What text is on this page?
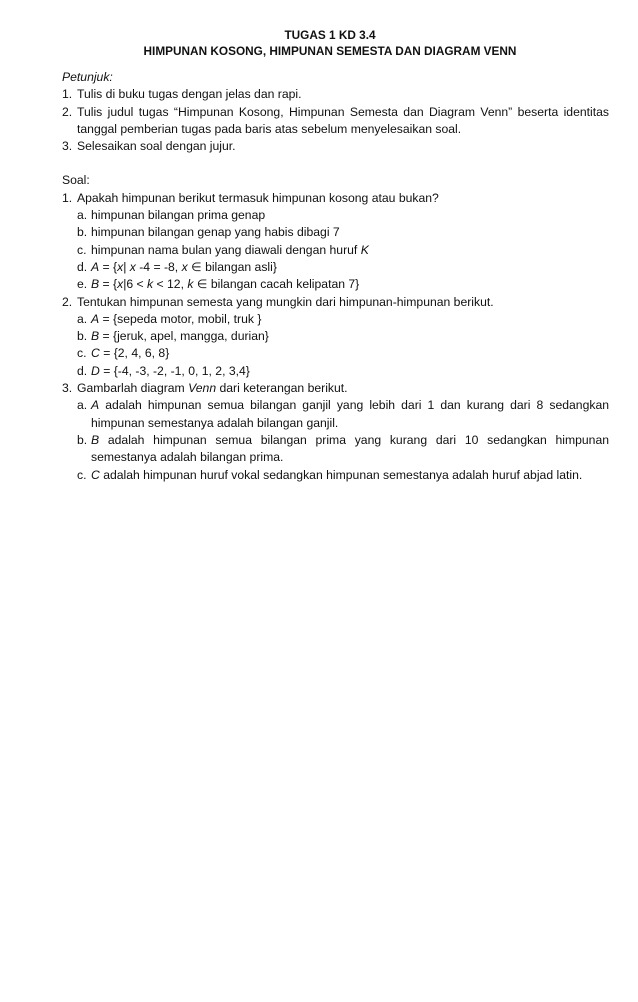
TUGAS 1 KD 3.4
HIMPUNAN KOSONG, HIMPUNAN SEMESTA DAN DIAGRAM VENN

Petunjuk:

1. Tulis di buku tugas dengan jelas dan rapi.
2. Tulis judul tugas “Himpunan Kosong, Himpunan Semesta dan Diagram Venn” beserta identitas tanggal pemberian tugas pada baris atas sebelum menyelesaikan soal.
3. Selesaikan soal dengan jujur.

Soal:

1. Apakah himpunan berikut termasuk himpunan kosong atau bukan?
a. himpunan bilangan prima genap
b. himpunan bilangan genap yang habis dibagi 7
c. himpunan nama bulan yang diawali dengan huruf K
d. A = {x| x -4 = -8, x ∈ bilangan asli}
e. B = {x|6 < k < 12, k ∈ bilangan cacah kelipatan 7}
2. Tentukan himpunan semesta yang mungkin dari himpunan-himpunan berikut.
a. A = {sepeda motor, mobil, truk }
b. B = {jeruk, apel, mangga, durian}
c. C = {2, 4, 6, 8}
d. D = {-4, -3, -2, -1, 0, 1, 2, 3,4}
3. Gambarlah diagram Venn dari keterangan berikut.
a. A adalah himpunan semua bilangan ganjil yang lebih dari 1 dan kurang dari 8 sedangkan himpunan semestanya adalah bilangan ganjil.
b. B adalah himpunan semua bilangan prima yang kurang dari 10 sedangkan himpunan semestanya adalah bilangan prima.
c. C adalah himpunan huruf vokal sedangkan himpunan semestanya adalah huruf abjad latin.
